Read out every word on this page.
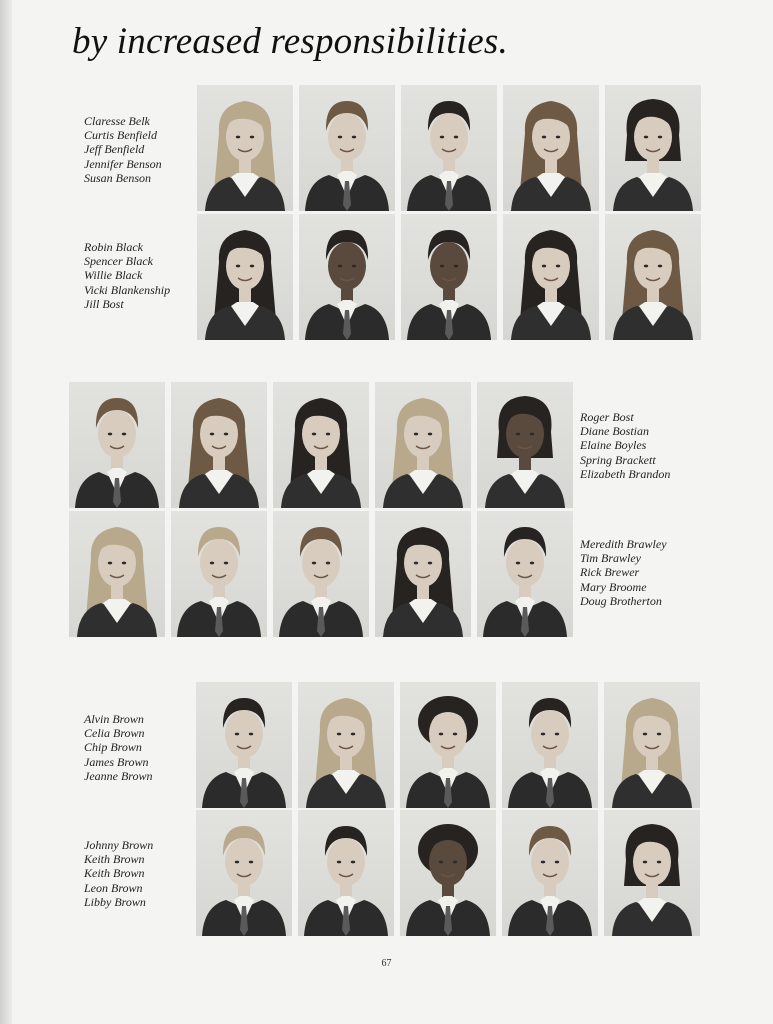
by increased responsibilities.
Claresse Belk
Curtis Benfield
Jeff Benfield
Jennifer Benson
Susan Benson
Robin Black
Spencer Black
Willie Black
Vicki Blankenship
Jill Bost
Roger Bost
Diane Bostian
Elaine Boyles
Spring Brackett
Elizabeth Brandon
Meredith Brawley
Tim Brawley
Rick Brewer
Mary Broome
Doug Brotherton
Alvin Brown
Celia Brown
Chip Brown
James Brown
Jeanne Brown
Johnny Brown
Keith Brown
Keith Brown
Leon Brown
Libby Brown
67
